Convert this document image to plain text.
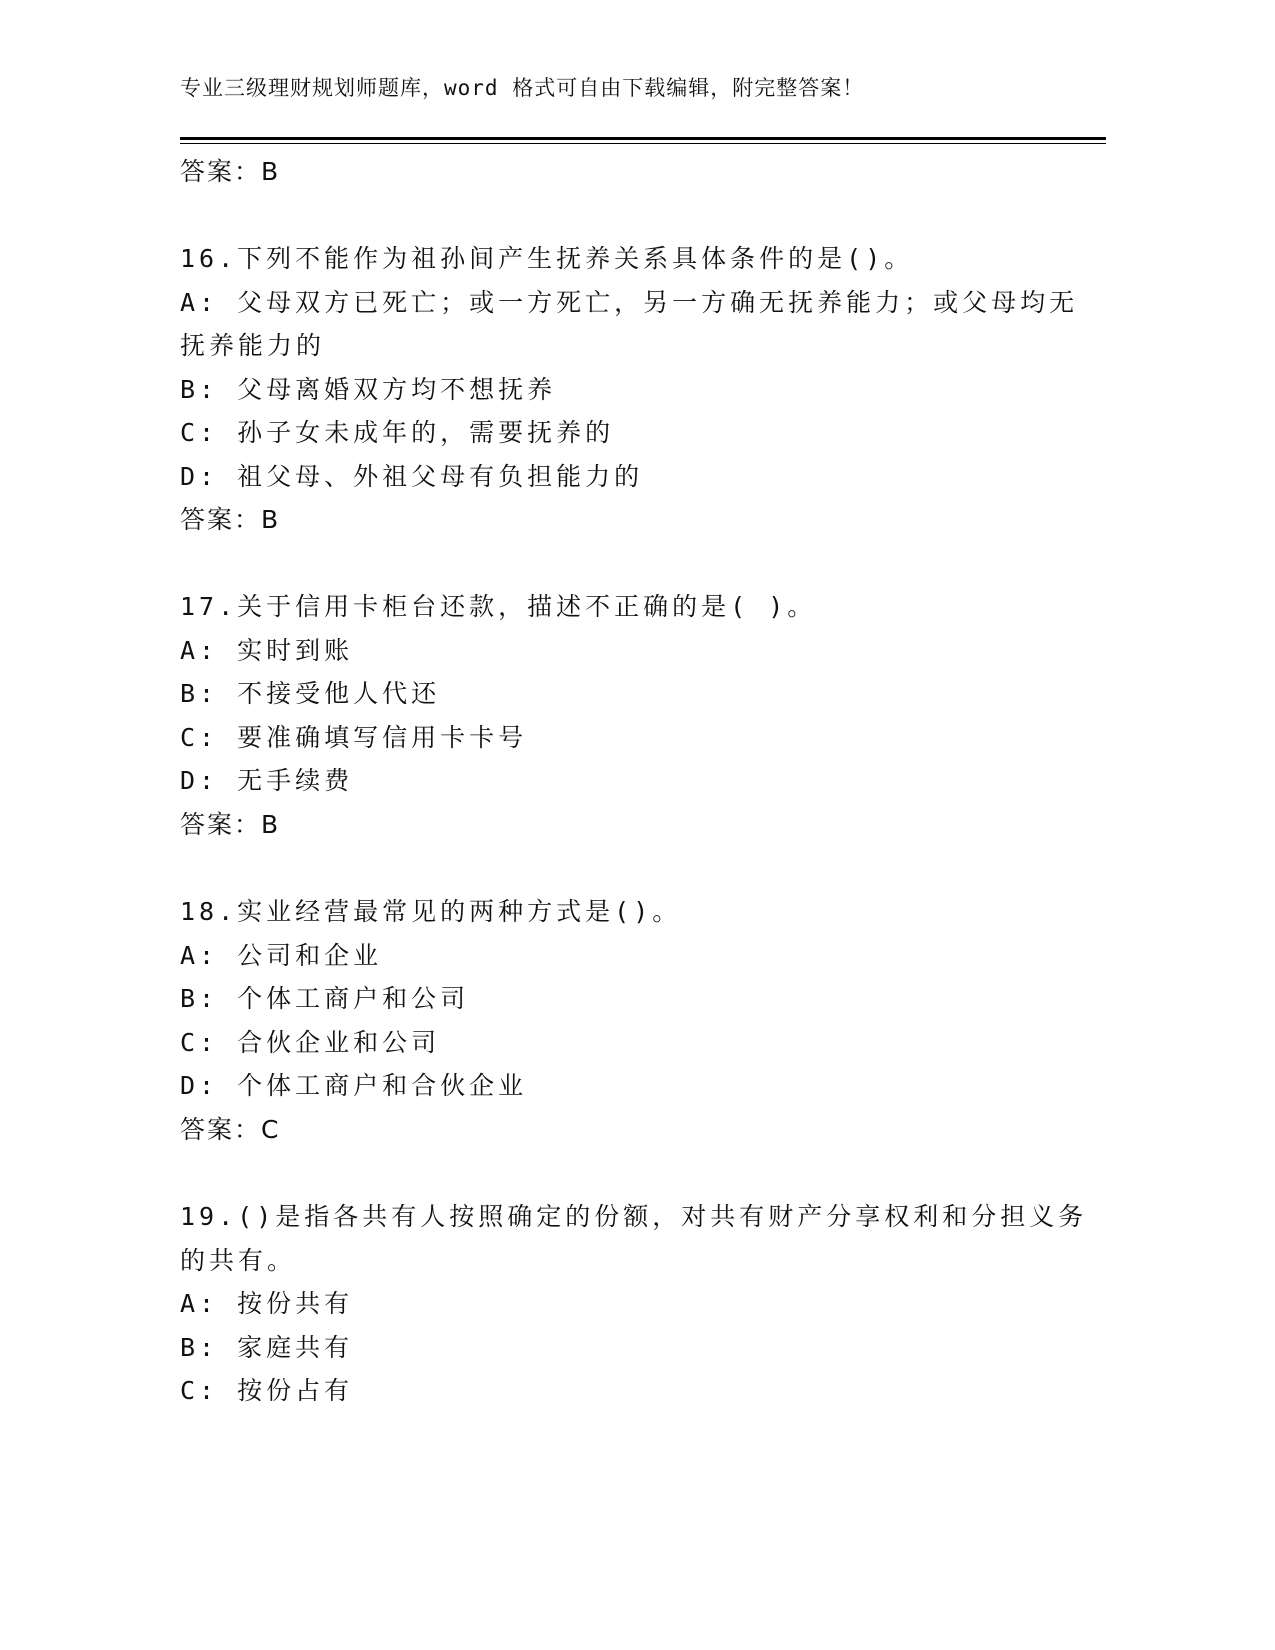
专业三级理财规划师题库，word 格式可自由下载编辑，附完整答案！
答案：B
16.下列不能作为祖孙间产生抚养关系具体条件的是()。
A: 父母双方已死亡；或一方死亡，另一方确无抚养能力；或父母均无
抚养能力的
B: 父母离婚双方均不想抚养
C: 孙子女未成年的，需要抚养的
D: 祖父母、外祖父母有负担能力的
答案：B
17.关于信用卡柜台还款，描述不正确的是( )。
A: 实时到账
B: 不接受他人代还
C: 要准确填写信用卡卡号
D: 无手续费
答案：B
18.实业经营最常见的两种方式是()。
A: 公司和企业
B: 个体工商户和公司
C: 合伙企业和公司
D: 个体工商户和合伙企业
答案：C
19.()是指各共有人按照确定的份额，对共有财产分享权利和分担义务
的共有。
A: 按份共有
B: 家庭共有
C: 按份占有
